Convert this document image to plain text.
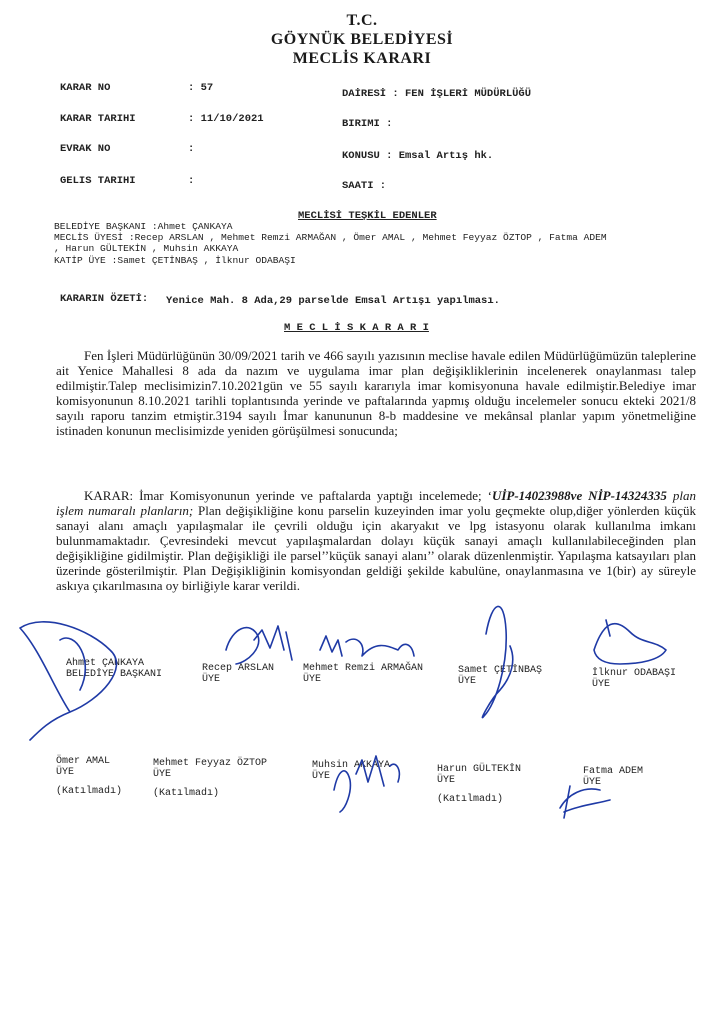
T.C.
GÖYNÜK BELEDİYESİ
MECLİS KARARI
KARAR NO	: 57
KARAR TARIHI	: 11/10/2021
EVRAK NO	:
GELIS TARIHI	:
DAİRESİ : FEN İŞLERİ MÜDÜRLÜĞÜ
BIRIMI :
KONUSU : Emsal Artış hk.
SAATI :
MECLİSİ TEŞKİL EDENLER
BELEDİYE BAŞKANI :Ahmet ÇANKAYA
MECLİS ÜYESİ :Recep ARSLAN , Mehmet Remzi ARMAĞAN , Ömer AMAL , Mehmet Feyyaz ÖZTOP , Fatma ADEM
, Harun GÜLTEKİN , Muhsin AKKAYA
KATİP ÜYE :Samet ÇETİNBAŞ , İlknur ODABAŞI
KARARIN ÖZETİ: Yenice Mah. 8 Ada,29 parselde Emsal Artışı yapılması.
M E C L İ S K A R A R I

Fen İşleri Müdürlüğünün 30/09/2021 tarih ve 466 sayılı yazısının meclise havale edilen Müdürlüğümüzün taleplerine ait Yenice Mahallesi 8 ada da nazım ve uygulama imar plan değişikliklerinin incelenerek onaylanması talep edilmiştir.Talep meclisimizin7.10.2021gün ve 55 sayılı kararıyla imar komisyonuna havale edilmiştir.Belediye imar komisyonunun 8.10.2021 tarihli toplantısında yerinde ve paftalarında yapmış olduğu incelemeler sonucu ekteki 2021/8 sayılı raporu tanzim etmiştir.3194 sayılı İmar kanununun 8-b maddesine ve mekânsal planlar yapım yönetmeliğine istinaden konunun meclisimizde yeniden görüşülmesi sonucunda;

KARAR: İmar Komisyonunun yerinde ve paftalarda yaptığı incelemede; ‘UİP-14023988ve NİP-14324335 plan işlem numaralı planların; Plan değişikliğine konu parselin kuzeyinden imar yolu geçmekte olup,diğer yönlerden küçük sanayi alanı amaçlı yapılaşmalar ile çevrili olduğu için akaryakıt ve lpg istasyonu olarak kullanılma imkanı bulunmamaktadır. Çevresindeki mevcut yapılaşmalardan dolayı küçük sanayi amaçlı kullanılabileceğinden plan değişikliğine gidilmiştir. Plan değişikliği ile parsel’’küçük sanayi alanı’’ olarak düzenlenmiştir. Yapılaşma katsayıları plan üzerinde gösterilmiştir. Plan Değişikliğinin komisyondan geldiği şekilde kabulüne, onaylanmasına ve 1(bir) ay süreyle askıya çıkarılmasına oy birliğiyle karar verildi.

Ahmet ÇANKAYA
BELEDİYE BAŞKANI
Recep ARSLAN
ÜYE
Mehmet Remzi ARMAĞAN
ÜYE
Samet ÇETİNBAŞ
ÜYE
İlknur ODABAŞI
ÜYE
Ömer AMAL
ÜYE
(Katılmadı)
Mehmet Feyyaz ÖZTOP
ÜYE
(Katılmadı)
Muhsin AKKAYA
ÜYE
Harun GÜLTEKİN
ÜYE
(Katılmadı)
Fatma ADEM
ÜYE
